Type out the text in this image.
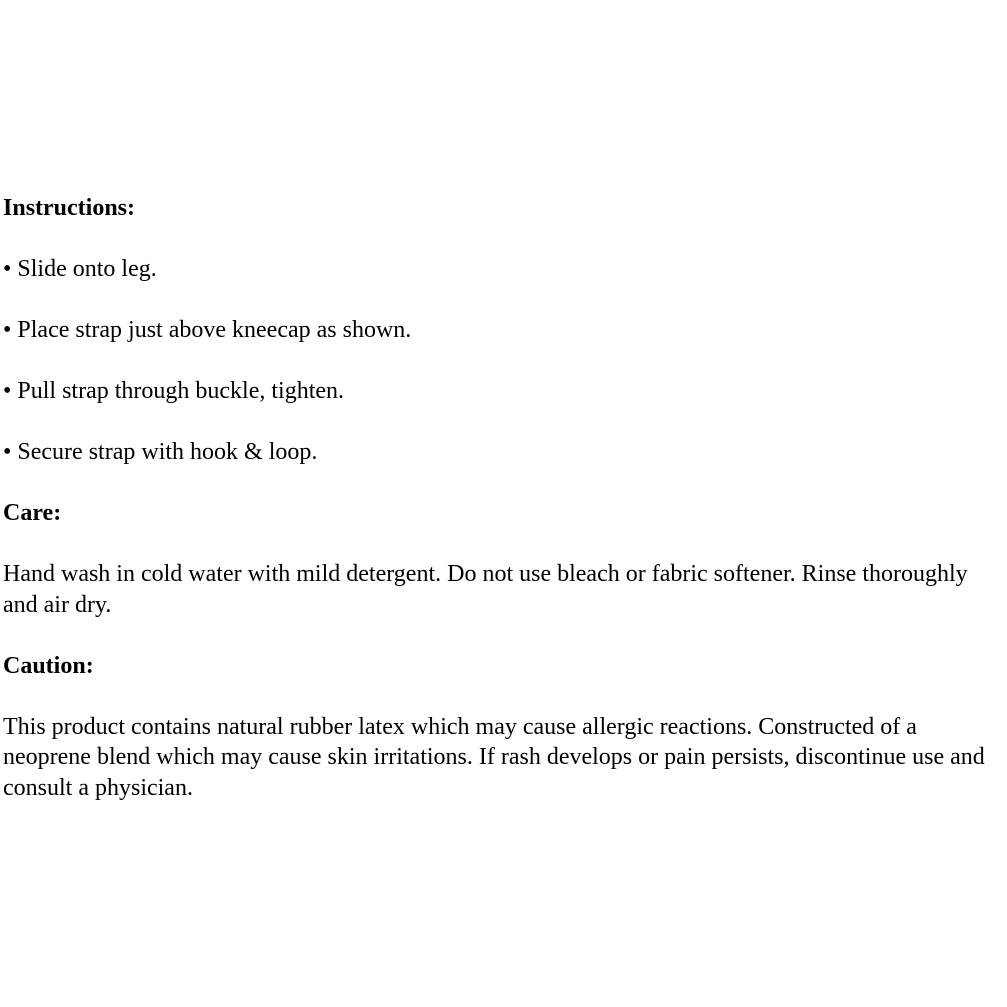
Instructions:

• Slide onto leg.
• Place strap just above kneecap as shown.
• Pull strap through buckle, tighten.
• Secure strap with hook & loop.

Care:

Hand wash in cold water with mild detergent. Do not use bleach or fabric softener. Rinse thoroughly and air dry.

Caution:

This product contains natural rubber latex which may cause allergic reactions. Constructed of a neoprene blend which may cause skin irritations. If rash develops or pain persists, discontinue use and consult a physician.
